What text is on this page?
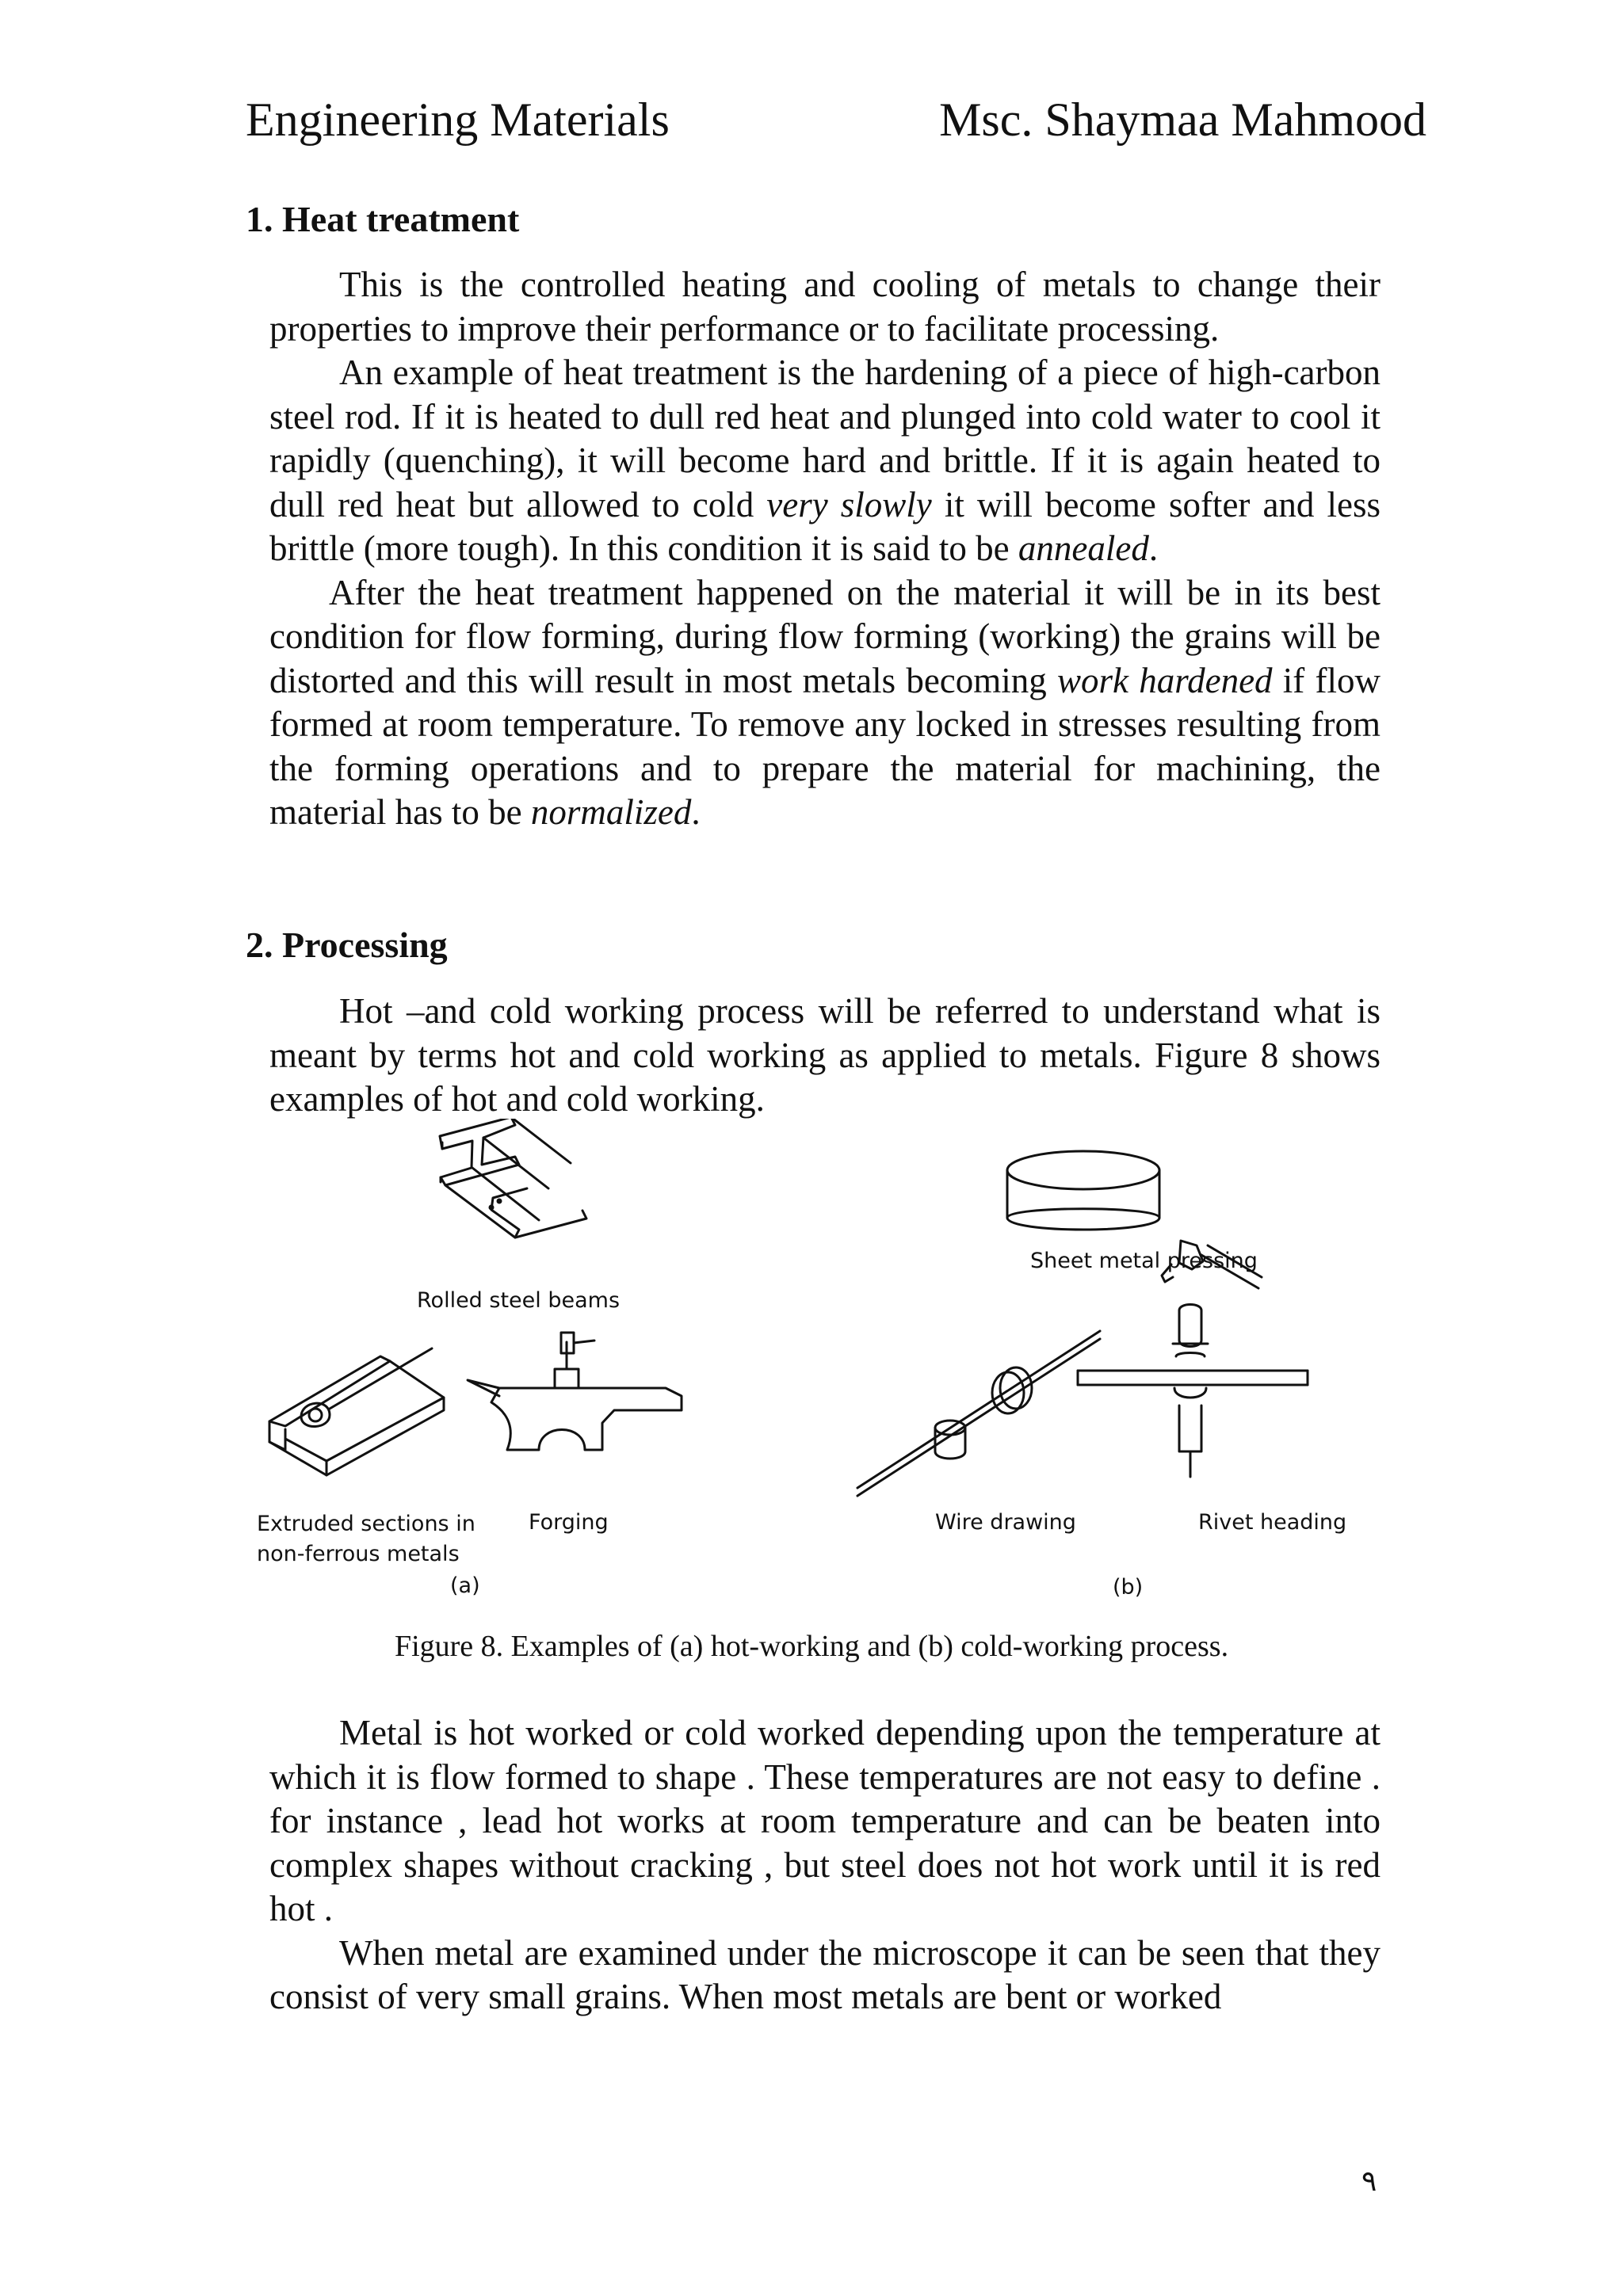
Engineering Materials	Msc. Shaymaa Mahmood
1. Heat treatment

This is the controlled heating and cooling of metals to change their properties to improve their performance or to facilitate processing.

An example of heat treatment is the hardening of a piece of high-carbon steel rod. If it is heated to dull red heat and plunged into cold water to cool it rapidly (quenching), it will become hard and brittle. If it is again heated to dull red heat but allowed to cold very slowly it will become softer and less brittle (more tough). In this condition it is said to be annealed.

After the heat treatment happened on the material it will be in its best condition for flow forming, during flow forming (working) the grains will be distorted and this will result in most metals becoming work hardened if flow formed at room temperature. To remove any locked in stresses resulting from the forming operations and to prepare the material for machining, the material has to be normalized.

2. Processing

Hot –and cold working process will be referred to understand what is meant by terms hot and cold working as applied to metals. Figure 8 shows examples of hot and cold working.

Rolled steel beams
Extruded sections in
non-ferrous metals
Forging
Sheet metal pressing
Wire drawing	Rivet heading
(a)	(b)
Figure 8. Examples of (a) hot-working and (b) cold-working process.

Metal is hot worked or cold worked depending upon the temperature at which it is flow formed to shape . These temperatures are not easy to define . for instance , lead hot works at room temperature and can be beaten into complex shapes without cracking , but steel does not hot work until it is red hot .

When metal are examined under the microscope it can be seen that they consist of very small grains. When most metals are bent or worked

٩
